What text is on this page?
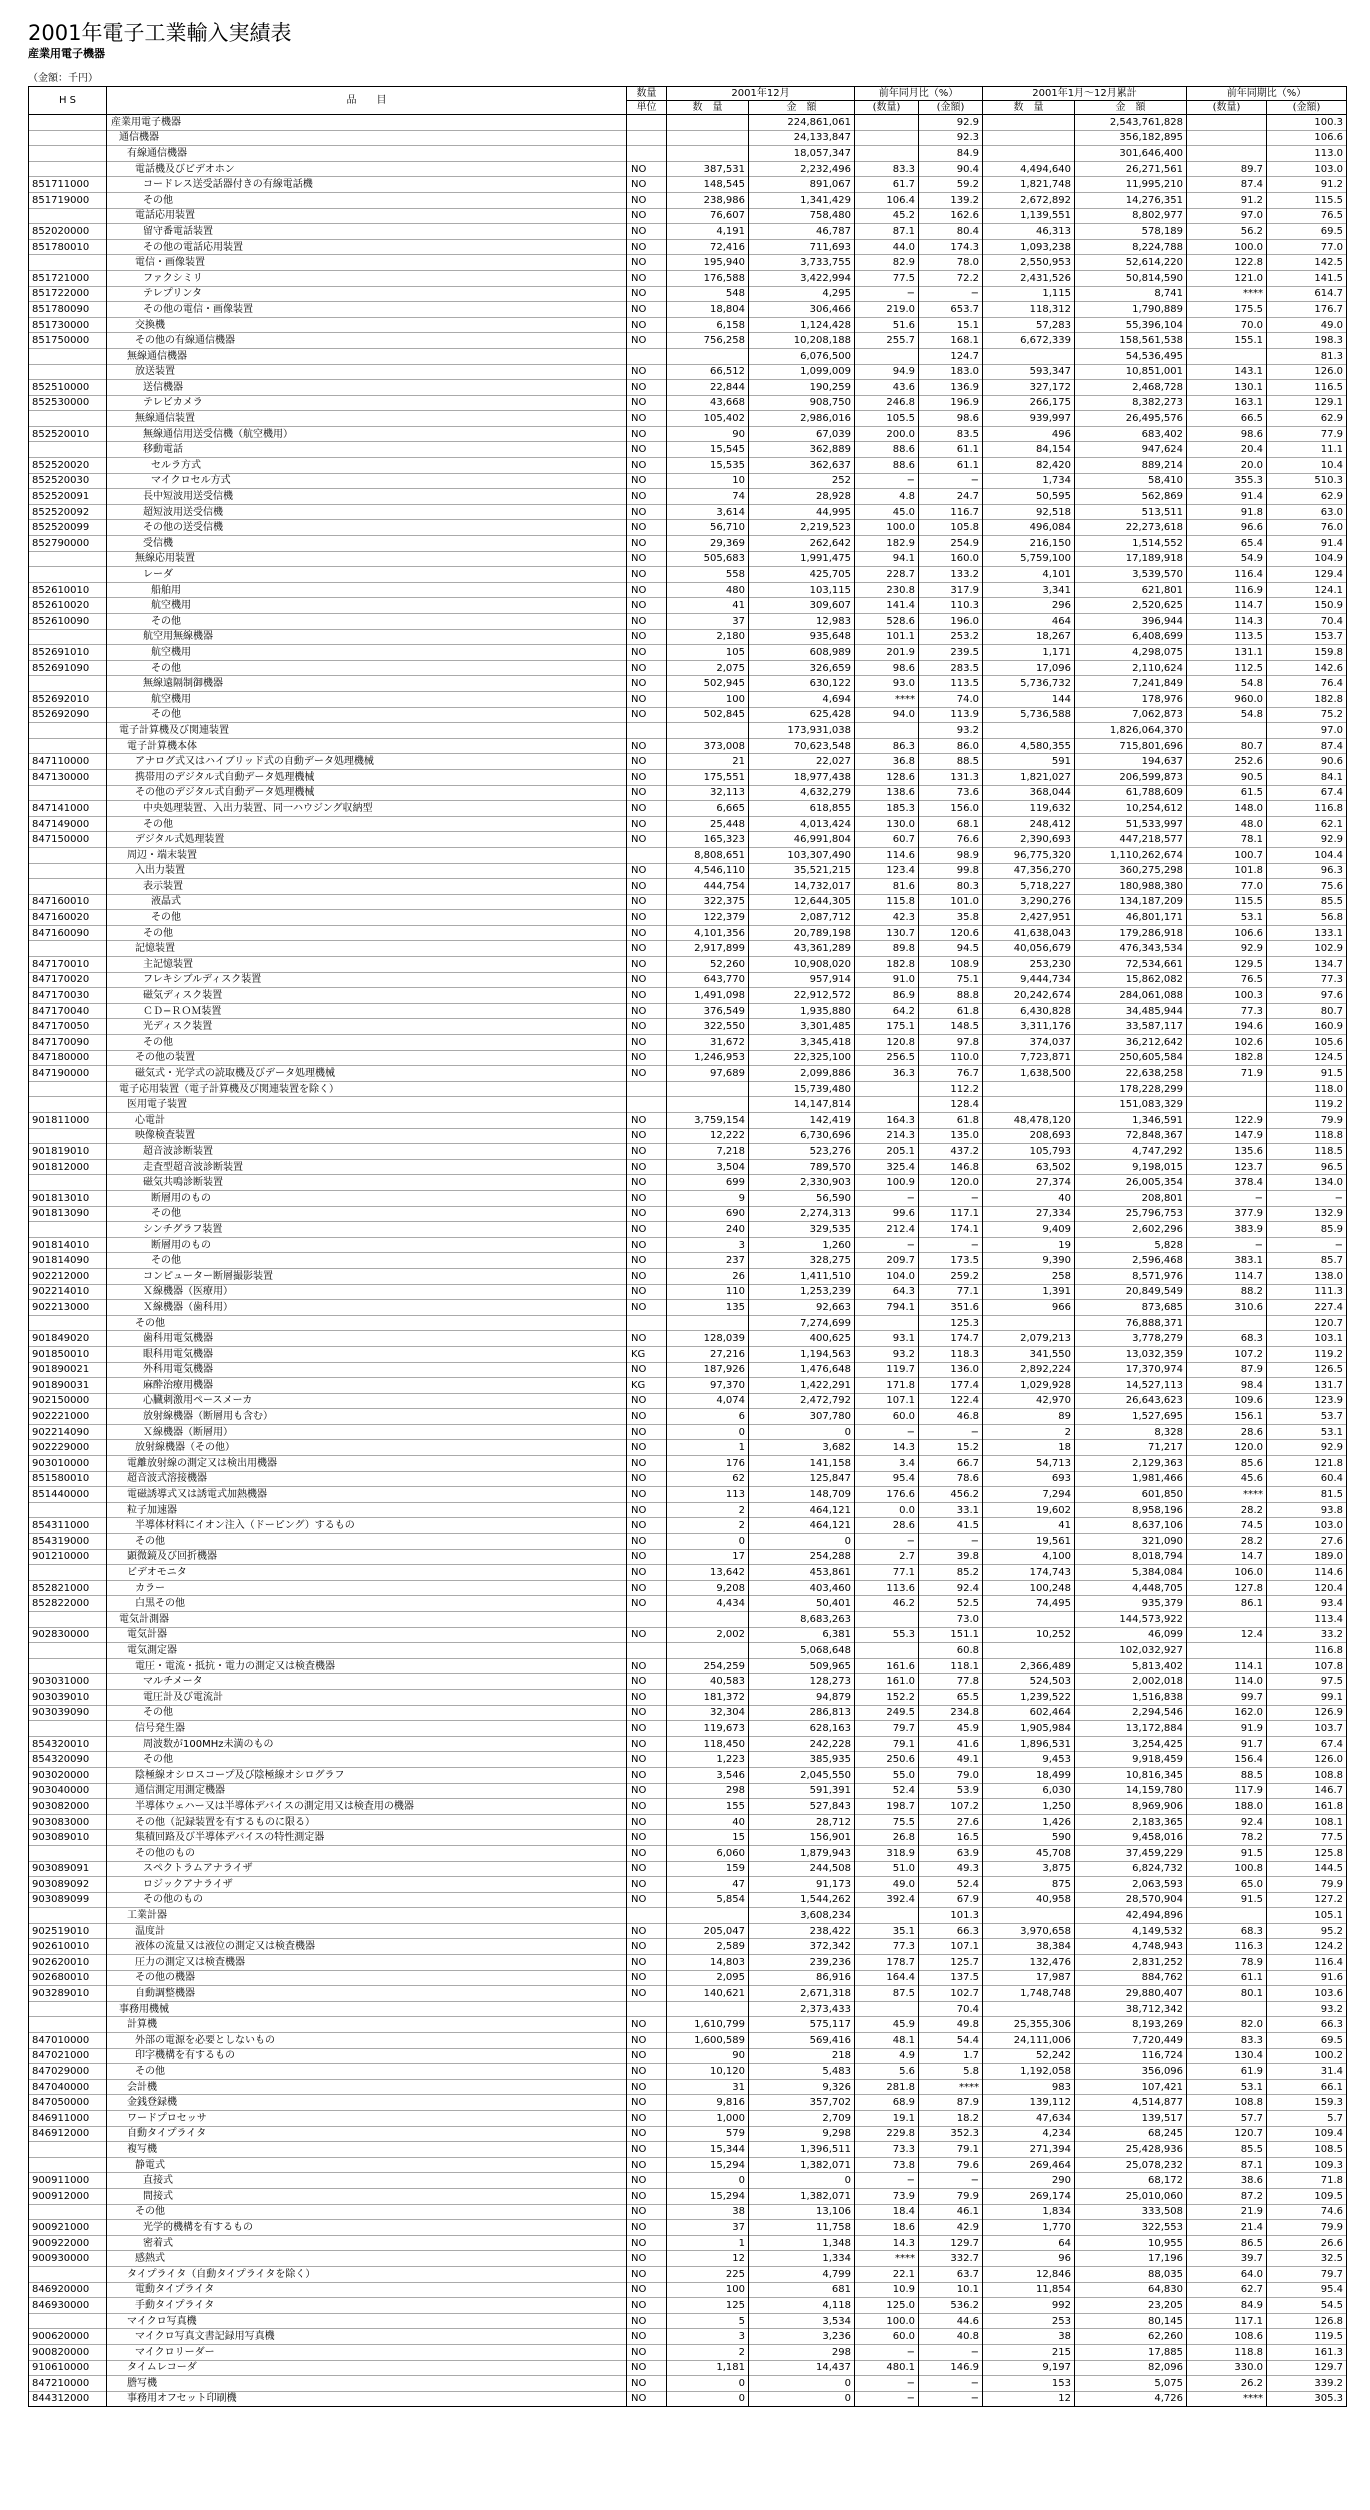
2001年電子工業輸入実績表
産業用電子機器
（金額：千円）
H S	品　　目	数量	2001年12月		前年同月比（%）		2001年1月〜12月累計		前年同期比（%）	
		単位	数　量	金　額	(数量)	(金額)	数　量	金　額	(数量)	(金額)
	産業用電子機器			224,861,061		92.9		2,543,761,828		100.3
	通信機器			24,133,847		92.3		356,182,895		106.6
	有線通信機器			18,057,347		84.9		301,646,400		113.0
	電話機及びビデオホン	NO	387,531	2,232,496	83.3	90.4	4,494,640	26,271,561	89.7	103.0
851711000	コードレス送受話器付きの有線電話機	NO	148,545	891,067	61.7	59.2	1,821,748	11,995,210	87.4	91.2
851719000	その他	NO	238,986	1,341,429	106.4	139.2	2,672,892	14,276,351	91.2	115.5
	電話応用装置	NO	76,607	758,480	45.2	162.6	1,139,551	8,802,977	97.0	76.5
852020000	留守番電話装置	NO	4,191	46,787	87.1	80.4	46,313	578,189	56.2	69.5
851780010	その他の電話応用装置	NO	72,416	711,693	44.0	174.3	1,093,238	8,224,788	100.0	77.0
	電信・画像装置	NO	195,940	3,733,755	82.9	78.0	2,550,953	52,614,220	122.8	142.5
851721000	ファクシミリ	NO	176,588	3,422,994	77.5	72.2	2,431,526	50,814,590	121.0	141.5
851722000	テレプリンタ	NO	548	4,295	−	−	1,115	8,741	****	614.7
851780090	その他の電信・画像装置	NO	18,804	306,466	219.0	653.7	118,312	1,790,889	175.5	176.7
851730000	交換機	NO	6,158	1,124,428	51.6	15.1	57,283	55,396,104	70.0	49.0
851750000	その他の有線通信機器	NO	756,258	10,208,188	255.7	168.1	6,672,339	158,561,538	155.1	198.3
	無線通信機器			6,076,500		124.7		54,536,495		81.3
	放送装置	NO	66,512	1,099,009	94.9	183.0	593,347	10,851,001	143.1	126.0
852510000	送信機器	NO	22,844	190,259	43.6	136.9	327,172	2,468,728	130.1	116.5
852530000	テレビカメラ	NO	43,668	908,750	246.8	196.9	266,175	8,382,273	163.1	129.1
	無線通信装置	NO	105,402	2,986,016	105.5	98.6	939,997	26,495,576	66.5	62.9
852520010	無線通信用送受信機（航空機用）	NO	90	67,039	200.0	83.5	496	683,402	98.6	77.9
	移動電話	NO	15,545	362,889	88.6	61.1	84,154	947,624	20.4	11.1
852520020	セルラ方式	NO	15,535	362,637	88.6	61.1	82,420	889,214	20.0	10.4
852520030	マイクロセル方式	NO	10	252	−	−	1,734	58,410	355.3	510.3
852520091	長中短波用送受信機	NO	74	28,928	4.8	24.7	50,595	562,869	91.4	62.9
852520092	超短波用送受信機	NO	3,614	44,995	45.0	116.7	92,518	513,511	91.8	63.0
852520099	その他の送受信機	NO	56,710	2,219,523	100.0	105.8	496,084	22,273,618	96.6	76.0
852790000	受信機	NO	29,369	262,642	182.9	254.9	216,150	1,514,552	65.4	91.4
	無線応用装置	NO	505,683	1,991,475	94.1	160.0	5,759,100	17,189,918	54.9	104.9
	レーダ	NO	558	425,705	228.7	133.2	4,101	3,539,570	116.4	129.4
852610010	船舶用	NO	480	103,115	230.8	317.9	3,341	621,801	116.9	124.1
852610020	航空機用	NO	41	309,607	141.4	110.3	296	2,520,625	114.7	150.9
852610090	その他	NO	37	12,983	528.6	196.0	464	396,944	114.3	70.4
	航空用無線機器	NO	2,180	935,648	101.1	253.2	18,267	6,408,699	113.5	153.7
852691010	航空機用	NO	105	608,989	201.9	239.5	1,171	4,298,075	131.1	159.8
852691090	その他	NO	2,075	326,659	98.6	283.5	17,096	2,110,624	112.5	142.6
	無線遠隔制御機器	NO	502,945	630,122	93.0	113.5	5,736,732	7,241,849	54.8	76.4
852692010	航空機用	NO	100	4,694	****	74.0	144	178,976	960.0	182.8
852692090	その他	NO	502,845	625,428	94.0	113.9	5,736,588	7,062,873	54.8	75.2
	電子計算機及び関連装置			173,931,038		93.2		1,826,064,370		97.0
	電子計算機本体	NO	373,008	70,623,548	86.3	86.0	4,580,355	715,801,696	80.7	87.4
847110000	アナログ式又はハイブリッド式の自動データ処理機械	NO	21	22,027	36.8	88.5	591	194,637	252.6	90.6
847130000	携帯用のデジタル式自動データ処理機械	NO	175,551	18,977,438	128.6	131.3	1,821,027	206,599,873	90.5	84.1
	その他のデジタル式自動データ処理機械	NO	32,113	4,632,279	138.6	73.6	368,044	61,788,609	61.5	67.4
847141000	中央処理装置、入出力装置、同一ハウジング収納型	NO	6,665	618,855	185.3	156.0	119,632	10,254,612	148.0	116.8
847149000	その他	NO	25,448	4,013,424	130.0	68.1	248,412	51,533,997	48.0	62.1
847150000	デジタル式処理装置	NO	165,323	46,991,804	60.7	76.6	2,390,693	447,218,577	78.1	92.9
	周辺・端末装置		8,808,651	103,307,490	114.6	98.9	96,775,320	1,110,262,674	100.7	104.4
	入出力装置	NO	4,546,110	35,521,215	123.4	99.8	47,356,270	360,275,298	101.8	96.3
	表示装置	NO	444,754	14,732,017	81.6	80.3	5,718,227	180,988,380	77.0	75.6
847160010	液晶式	NO	322,375	12,644,305	115.8	101.0	3,290,276	134,187,209	115.5	85.5
847160020	その他	NO	122,379	2,087,712	42.3	35.8	2,427,951	46,801,171	53.1	56.8
847160090	その他	NO	4,101,356	20,789,198	130.7	120.6	41,638,043	179,286,918	106.6	133.1
	記憶装置	NO	2,917,899	43,361,289	89.8	94.5	40,056,679	476,343,534	92.9	102.9
847170010	主記憶装置	NO	52,260	10,908,020	182.8	108.9	253,230	72,534,661	129.5	134.7
847170020	フレキシブルディスク装置	NO	643,770	957,914	91.0	75.1	9,444,734	15,862,082	76.5	77.3
847170030	磁気ディスク装置	NO	1,491,098	22,912,572	86.9	88.8	20,242,674	284,061,088	100.3	97.6
847170040	ＣＤ−ＲＯＭ装置	NO	376,549	1,935,880	64.2	61.8	6,430,828	34,485,944	77.3	80.7
847170050	光ディスク装置	NO	322,550	3,301,485	175.1	148.5	3,311,176	33,587,117	194.6	160.9
847170090	その他	NO	31,672	3,345,418	120.8	97.8	374,037	36,212,642	102.6	105.6
847180000	その他の装置	NO	1,246,953	22,325,100	256.5	110.0	7,723,871	250,605,584	182.8	124.5
847190000	磁気式・光学式の読取機及びデータ処理機械	NO	97,689	2,099,886	36.3	76.7	1,638,500	22,638,258	71.9	91.5
	電子応用装置（電子計算機及び関連装置を除く）			15,739,480		112.2		178,228,299		118.0
	医用電子装置			14,147,814		128.4		151,083,329		119.2
901811000	心電計	NO	3,759,154	142,419	164.3	61.8	48,478,120	1,346,591	122.9	79.9
	映像検査装置	NO	12,222	6,730,696	214.3	135.0	208,693	72,848,367	147.9	118.8
901819010	超音波診断装置	NO	7,218	523,276	205.1	437.2	105,793	4,747,292	135.6	118.5
901812000	走査型超音波診断装置	NO	3,504	789,570	325.4	146.8	63,502	9,198,015	123.7	96.5
	磁気共鳴診断装置	NO	699	2,330,903	100.9	120.0	27,374	26,005,354	378.4	134.0
901813010	断層用のもの	NO	9	56,590	−	−	40	208,801	−	−
901813090	その他	NO	690	2,274,313	99.6	117.1	27,334	25,796,753	377.9	132.9
	シンチグラフ装置	NO	240	329,535	212.4	174.1	9,409	2,602,296	383.9	85.9
901814010	断層用のもの	NO	3	1,260	−	−	19	5,828	−	−
901814090	その他	NO	237	328,275	209.7	173.5	9,390	2,596,468	383.1	85.7
902212000	コンピューター断層撮影装置	NO	26	1,411,510	104.0	259.2	258	8,571,976	114.7	138.0
902214010	Ｘ線機器（医療用）	NO	110	1,253,239	64.3	77.1	1,391	20,849,549	88.2	111.3
902213000	Ｘ線機器（歯科用）	NO	135	92,663	794.1	351.6	966	873,685	310.6	227.4
	その他			7,274,699		125.3		76,888,371		120.7
901849020	歯科用電気機器	NO	128,039	400,625	93.1	174.7	2,079,213	3,778,279	68.3	103.1
901850010	眼科用電気機器	KG	27,216	1,194,563	93.2	118.3	341,550	13,032,359	107.2	119.2
901890021	外科用電気機器	NO	187,926	1,476,648	119.7	136.0	2,892,224	17,370,974	87.9	126.5
901890031	麻酔治療用機器	KG	97,370	1,422,291	171.8	177.4	1,029,928	14,527,113	98.4	131.7
902150000	心臓刺激用ペースメーカ	NO	4,074	2,472,792	107.1	122.4	42,970	26,643,623	109.6	123.9
902221000	放射線機器（断層用も含む）	NO	6	307,780	60.0	46.8	89	1,527,695	156.1	53.7
902214090	Ｘ線機器（断層用）	NO	0	0	−	−	2	8,328	28.6	53.1
902229000	放射線機器（その他）	NO	1	3,682	14.3	15.2	18	71,217	120.0	92.9
903010000	電離放射線の測定又は検出用機器	NO	176	141,158	3.4	66.7	54,713	2,129,363	85.6	121.8
851580010	超音波式溶接機器	NO	62	125,847	95.4	78.6	693	1,981,466	45.6	60.4
851440000	電磁誘導式又は誘電式加熱機器	NO	113	148,709	176.6	456.2	7,294	601,850	****	81.5
	粒子加速器	NO	2	464,121	0.0	33.1	19,602	8,958,196	28.2	93.8
854311000	半導体材料にイオン注入（ドーピング）するもの	NO	2	464,121	28.6	41.5	41	8,637,106	74.5	103.0
854319000	その他	NO	0	0	−	−	19,561	321,090	28.2	27.6
901210000	顕微鏡及び回折機器	NO	17	254,288	2.7	39.8	4,100	8,018,794	14.7	189.0
	ビデオモニタ	NO	13,642	453,861	77.1	85.2	174,743	5,384,084	106.0	114.6
852821000	カラー	NO	9,208	403,460	113.6	92.4	100,248	4,448,705	127.8	120.4
852822000	白黒その他	NO	4,434	50,401	46.2	52.5	74,495	935,379	86.1	93.4
	電気計測器			8,683,263		73.0		144,573,922		113.4
902830000	電気計器	NO	2,002	6,381	55.3	151.1	10,252	46,099	12.4	33.2
	電気測定器			5,068,648		60.8		102,032,927		116.8
	電圧・電流・抵抗・電力の測定又は検査機器	NO	254,259	509,965	161.6	118.1	2,366,489	5,813,402	114.1	107.8
903031000	マルチメータ	NO	40,583	128,273	161.0	77.8	524,503	2,002,018	114.0	97.5
903039010	電圧計及び電流計	NO	181,372	94,879	152.2	65.5	1,239,522	1,516,838	99.7	99.1
903039090	その他	NO	32,304	286,813	249.5	234.8	602,464	2,294,546	162.0	126.9
	信号発生器	NO	119,673	628,163	79.7	45.9	1,905,984	13,172,884	91.9	103.7
854320010	周波数が100MHz未満のもの	NO	118,450	242,228	79.1	41.6	1,896,531	3,254,425	91.7	67.4
854320090	その他	NO	1,223	385,935	250.6	49.1	9,453	9,918,459	156.4	126.0
903020000	陰極線オシロスコープ及び陰極線オシログラフ	NO	3,546	2,045,550	55.0	79.0	18,499	10,816,345	88.5	108.8
903040000	通信測定用測定機器	NO	298	591,391	52.4	53.9	6,030	14,159,780	117.9	146.7
903082000	半導体ウェハー又は半導体デバイスの測定用又は検査用の機器	NO	155	527,843	198.7	107.2	1,250	8,969,906	188.0	161.8
903083000	その他（記録装置を有するものに限る）	NO	40	28,712	75.5	27.6	1,426	2,183,365	92.4	108.1
903089010	集積回路及び半導体デバイスの特性測定器	NO	15	156,901	26.8	16.5	590	9,458,016	78.2	77.5
	その他のもの	NO	6,060	1,879,943	318.9	63.9	45,708	37,459,229	91.5	125.8
903089091	スペクトラムアナライザ	NO	159	244,508	51.0	49.3	3,875	6,824,732	100.8	144.5
903089092	ロジックアナライザ	NO	47	91,173	49.0	52.4	875	2,063,593	65.0	79.9
903089099	その他のもの	NO	5,854	1,544,262	392.4	67.9	40,958	28,570,904	91.5	127.2
	工業計器			3,608,234		101.3		42,494,896		105.1
902519010	温度計	NO	205,047	238,422	35.1	66.3	3,970,658	4,149,532	68.3	95.2
902610010	液体の流量又は液位の測定又は検査機器	NO	2,589	372,342	77.3	107.1	38,384	4,748,943	116.3	124.2
902620010	圧力の測定又は検査機器	NO	14,803	239,236	178.7	125.7	132,476	2,831,252	78.9	116.4
902680010	その他の機器	NO	2,095	86,916	164.4	137.5	17,987	884,762	61.1	91.6
903289010	自動調整機器	NO	140,621	2,671,318	87.5	102.7	1,748,748	29,880,407	80.1	103.6
	事務用機械			2,373,433		70.4		38,712,342		93.2
	計算機	NO	1,610,799	575,117	45.9	49.8	25,355,306	8,193,269	82.0	66.3
847010000	外部の電源を必要としないもの	NO	1,600,589	569,416	48.1	54.4	24,111,006	7,720,449	83.3	69.5
847021000	印字機構を有するもの	NO	90	218	4.9	1.7	52,242	116,724	130.4	100.2
847029000	その他	NO	10,120	5,483	5.6	5.8	1,192,058	356,096	61.9	31.4
847040000	会計機	NO	31	9,326	281.8	****	983	107,421	53.1	66.1
847050000	金銭登録機	NO	9,816	357,702	68.9	87.9	139,112	4,514,877	108.8	159.3
846911000	ワードプロセッサ	NO	1,000	2,709	19.1	18.2	47,634	139,517	57.7	5.7
846912000	自動タイプライタ	NO	579	9,298	229.8	352.3	4,234	68,245	120.7	109.4
	複写機	NO	15,344	1,396,511	73.3	79.1	271,394	25,428,936	85.5	108.5
	静電式	NO	15,294	1,382,071	73.8	79.6	269,464	25,078,232	87.1	109.3
900911000	直接式	NO	0	0	−	−	290	68,172	38.6	71.8
900912000	間接式	NO	15,294	1,382,071	73.9	79.9	269,174	25,010,060	87.2	109.5
	その他	NO	38	13,106	18.4	46.1	1,834	333,508	21.9	74.6
900921000	光学的機構を有するもの	NO	37	11,758	18.6	42.9	1,770	322,553	21.4	79.9
900922000	密着式	NO	1	1,348	14.3	129.7	64	10,955	86.5	26.6
900930000	感熱式	NO	12	1,334	****	332.7	96	17,196	39.7	32.5
	タイプライタ（自動タイプライタを除く）	NO	225	4,799	22.1	63.7	12,846	88,035	64.0	79.7
846920000	電動タイプライタ	NO	100	681	10.9	10.1	11,854	64,830	62.7	95.4
846930000	手動タイプライタ	NO	125	4,118	125.0	536.2	992	23,205	84.9	54.5
	マイクロ写真機	NO	5	3,534	100.0	44.6	253	80,145	117.1	126.8
900620000	マイクロ写真文書記録用写真機	NO	3	3,236	60.0	40.8	38	62,260	108.6	119.5
900820000	マイクロリーダー	NO	2	298	−	−	215	17,885	118.8	161.3
910610000	タイムレコーダ	NO	1,181	14,437	480.1	146.9	9,197	82,096	330.0	129.7
847210000	謄写機	NO	0	0	−	−	153	5,075	26.2	339.2
844312000	事務用オフセット印刷機	NO	0	0	−	−	12	4,726	****	305.3
